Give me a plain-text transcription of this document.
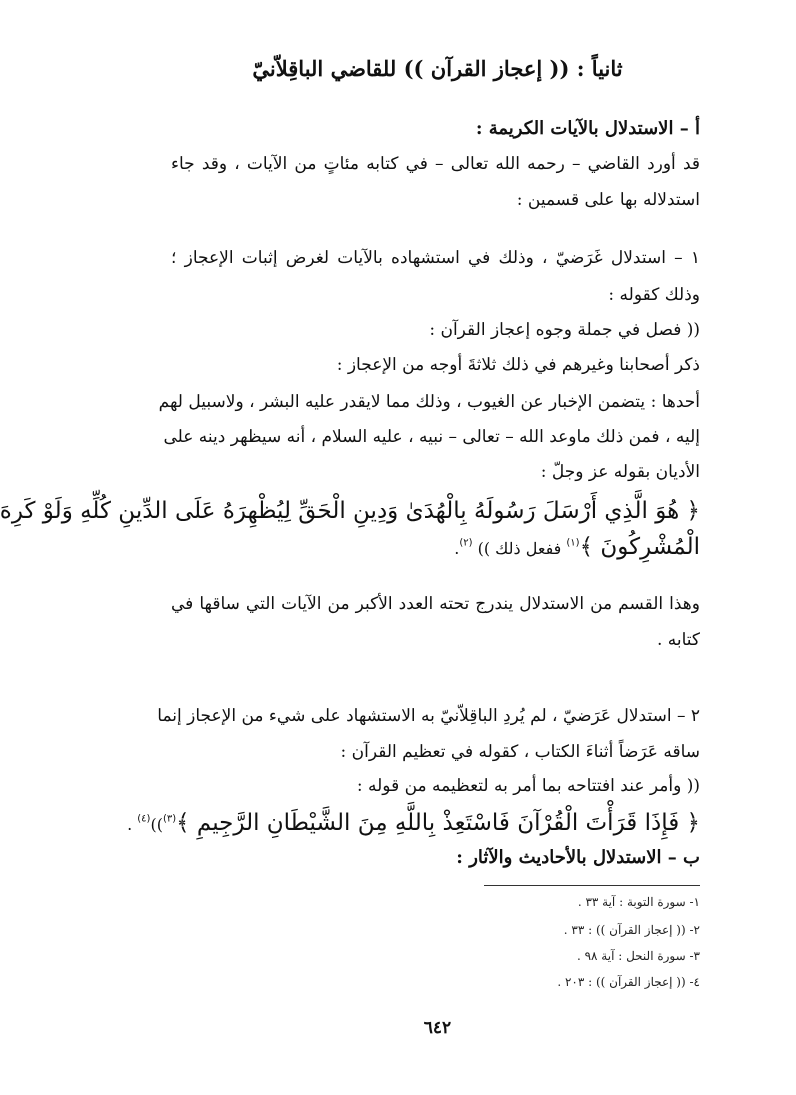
ثانياً : (( إعجاز القرآن )) للقاضي الباقِلاّنيّ
أ – الاستدلال بالآيات الكريمة :
قد أورد القاضي – رحمه الله تعالى – في كتابه مئاتٍ من الآيات ، وقد جاء
استدلاله بها على قسمين :
١ – استدلال غَرَضيّ ، وذلك في استشهاده بالآيات لغرض إثبات الإعجاز ؛
وذلك كقوله :
(( فصل في جملة وجوه إعجاز القرآن :
ذكر أصحابنا وغيرهم في ذلك ثلاثةَ أوجه من الإعجاز :
أحدها : يتضمن الإخبار عن الغيوب ، وذلك مما لايقدر عليه البشر ، ولاسبيل لهم
إليه ، فمن ذلك ماوعد الله – تعالى – نبيه ، عليه السلام ، أنه سيظهر دينه على
الأديان بقوله عز وجلّ :
﴿ هُوَ الَّذِي أَرْسَلَ رَسُولَهُ بِالْهُدَىٰ وَدِينِ الْحَقِّ لِيُظْهِرَهُ عَلَى الدِّينِ كُلِّهِ وَلَوْ كَرِهَ
الْمُشْرِكُونَ ﴾$^{(١)}$ ففعل ذلك )) $^{(٢)}$.
وهذا القسم من الاستدلال يندرج تحته العدد الأكبر من الآيات التي ساقها في
كتابه .
٢ – استدلال عَرَضيّ ، لم يُردِ الباقِلاّنيّ به الاستشهاد على شيء من الإعجاز إنما
ساقه عَرَضاً أثناءَ الكتاب ، كقوله في تعظيم القرآن :
(( وأمر عند افتتاحه بما أمر به لتعظيمه من قوله :
﴿ فَإِذَا قَرَأْتَ الْقُرْآنَ فَاسْتَعِذْ بِاللَّهِ مِنَ الشَّيْطَانِ الرَّجِيمِ ﴾$^{(٣)}$))$^{(٤)}$ .
ب – الاستدلال بالأحاديث والآثار :
١- سورة التوبة : آية ٣٣ .
٢- (( إعجاز القرآن )) : ٣٣ .
٣- سورة النحل : آية ٩٨ .
٤- (( إعجاز القرآن )) : ٢٠٣ .
٦٤٢
